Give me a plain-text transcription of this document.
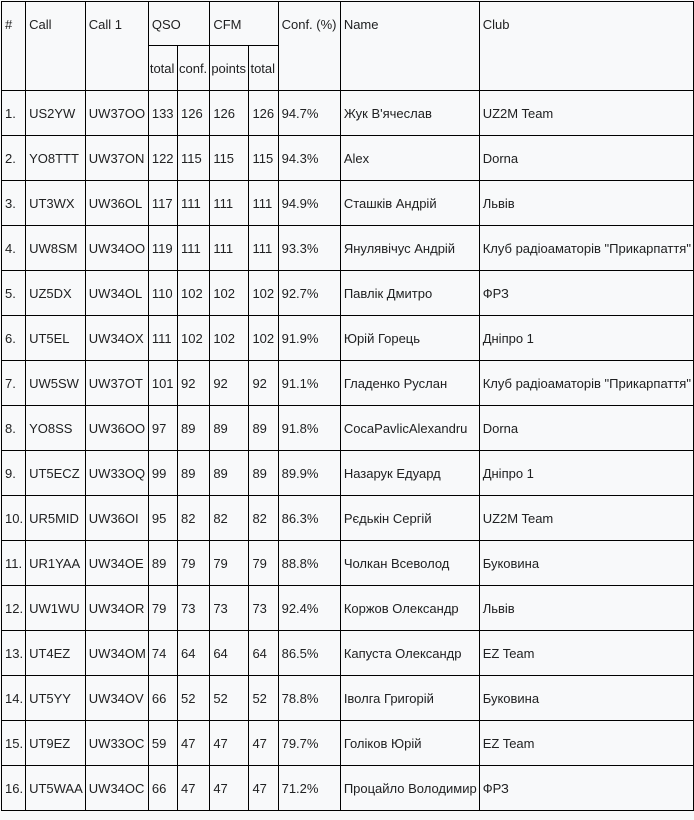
#	Call	Call 1	QSO		CFM		Conf. (%)	Name	Club
			total	conf.	points	total			
1.	US2YW	UW37OO	133	126	126	126	94.7%	Жук В'ячеслав	UZ2M Team
2.	YO8TTT	UW37ON	122	115	115	115	94.3%	Alex	Dorna
3.	UT3WX	UW36OL	117	111	111	111	94.9%	Сташків Андрій	Львів
4.	UW8SM	UW34OO	119	111	111	111	93.3%	Янулявічус Андрій	Клуб радіоаматорів "Прикарпаття"
5.	UZ5DX	UW34OL	110	102	102	102	92.7%	Павлік Дмитро	ФРЗ
6.	UT5EL	UW34OX	111	102	102	102	91.9%	Юрій Горець	Дніпро 1
7.	UW5SW	UW37OT	101	92	92	92	91.1%	Гладенко Руслан	Клуб радіоаматорів "Прикарпаття"
8.	YO8SS	UW36OO	97	89	89	89	91.8%	CocaPavlicAlexandru	Dorna
9.	UT5ECZ	UW33OQ	99	89	89	89	89.9%	Назарук Едуард	Дніпро 1
10.	UR5MID	UW36OI	95	82	82	82	86.3%	Рєдькін Сергій	UZ2M Team
11.	UR1YAA	UW34OE	89	79	79	79	88.8%	Чолкан Всеволод	Буковина
12.	UW1WU	UW34OR	79	73	73	73	92.4%	Коржов Олександр	Львів
13.	UT4EZ	UW34OM	74	64	64	64	86.5%	Капуста Олександр	EZ Team
14.	UT5YY	UW34OV	66	52	52	52	78.8%	Іволга Григорій	Буковина
15.	UT9EZ	UW33OC	59	47	47	47	79.7%	Голіков Юрій	EZ Team
16.	UT5WAA	UW34OC	66	47	47	47	71.2%	Процайло Володимир	ФРЗ
